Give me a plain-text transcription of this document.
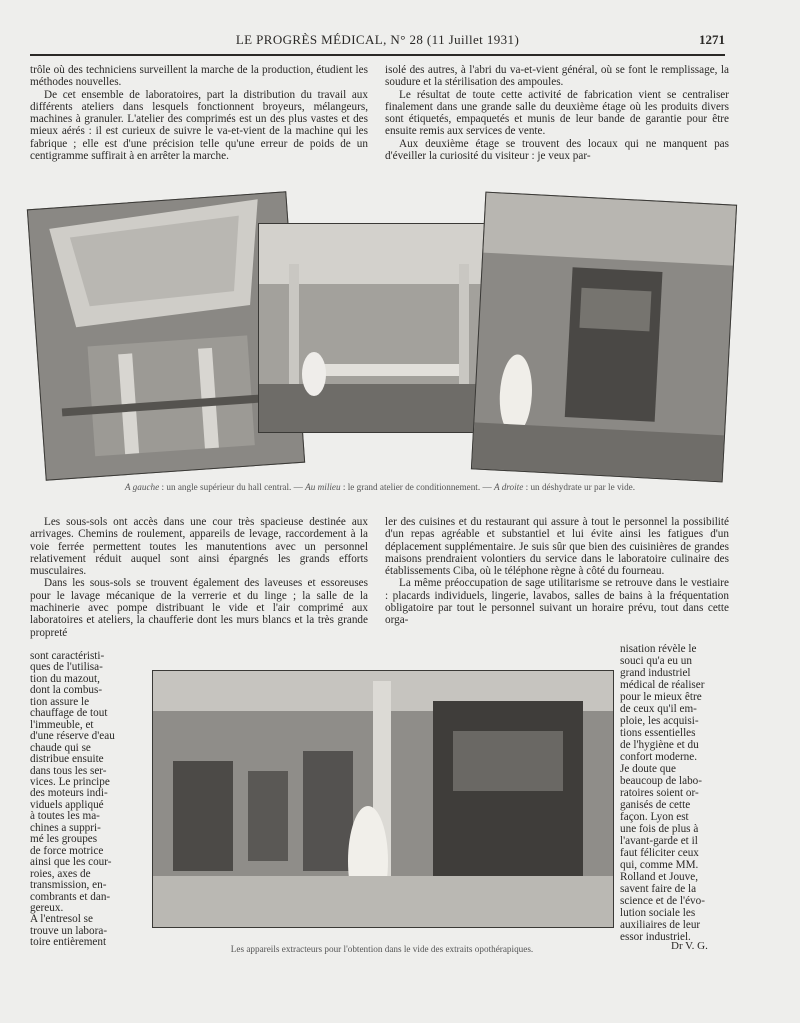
LE PROGRÈS MÉDICAL, N° 28 (11 Juillet 1931)	1271

trôle où des techniciens surveillent la marche de la production, étudient les méthodes nouvelles.

De cet ensemble de laboratoires, part la distribution du travail aux différents ateliers dans lesquels fonctionnent broyeurs, mélangeurs, machines à granuler. L'atelier des comprimés est un des plus vastes et des mieux aérés : il est curieux de suivre le va-et-vient de la machine qui les fabrique ; elle est d'une précision telle qu'une erreur de poids de un centigramme suffirait à en arrêter la marche.

isolé des autres, à l'abri du va-et-vient général, où se font le remplissage, la soudure et la stérilisation des ampoules.

Le résultat de toute cette activité de fabrication vient se centraliser finalement dans une grande salle du deuxième étage où les produits divers sont étiquetés, empaquetés et munis de leur bande de garantie pour être ensuite remis aux services de vente.

Aux deuxième étage se trouvent des locaux qui ne manquent pas d'éveiller la curiosité du visiteur : je veux par-

A gauche : un angle supérieur du hall central. — Au milieu : le grand atelier de conditionnement. — A droite : un déshydrate ur par le vide.

Les sous-sols ont accès dans une cour très spacieuse destinée aux arrivages. Chemins de roulement, appareils de levage, raccordement à la voie ferrée permettent toutes les manutentions avec un personnel relativement réduit auquel sont ainsi épargnés les grands efforts musculaires.

Dans les sous-sols se trouvent également des laveuses et essoreuses pour le lavage mécanique de la verrerie et du linge ; la salle de la machinerie avec pompe distribuant le vide et l'air comprimé aux laboratoires et ateliers, la chaufferie dont les murs blancs et la très grande propreté

ler des cuisines et du restaurant qui assure à tout le personnel la possibilité d'un repas agréable et substantiel et lui évite ainsi les fatigues d'un déplacement supplémentaire. Je suis sûr que bien des cuisinières de grandes maisons prendraient volontiers du service dans le laboratoire culinaire des établissements Ciba, où le téléphone règne à côté du fourneau.

La même préoccupation de sage utilitarisme se retrouve dans le vestiaire : placards individuels, lingerie, lavabos, salles de bains à la fréquentation obligatoire par tout le personnel suivant un horaire prévu, tout dans cette orga-

sont caractéristi-
ques de l'utilisa-
tion du mazout,
dont la combus-
tion assure le
chauffage de tout
l'immeuble, et
d'une réserve d'eau
chaude qui se
distribue ensuite
dans tous les ser-
vices. Le principe
des moteurs indi-
viduels appliqué
à toutes les ma-
chines a suppri-
mé les groupes
de force motrice
ainsi que les cour-
roies, axes de
transmission, en-
combrants et dan-
gereux.
A l'entresol se
trouve un labora-
toire entièrement
nisation révèle le
souci qu'a eu un
grand industriel
médical de réaliser
pour le mieux être
de ceux qu'il em-
ploie, les acquisi-
tions essentielles
de l'hygiène et du
confort moderne.
Je doute que
beaucoup de labo-
ratoires soient or-
ganisés de cette
façon. Lyon est
une fois de plus à
l'avant-garde et il
faut féliciter ceux
qui, comme MM.
Rolland et Jouve,
savent faire de la
science et de l'évo-
lution sociale les
auxiliaires de leur
essor industriel.
Les appareils extracteurs pour l'obtention dans le vide des extraits opothérapiques.	Dr V. G.
